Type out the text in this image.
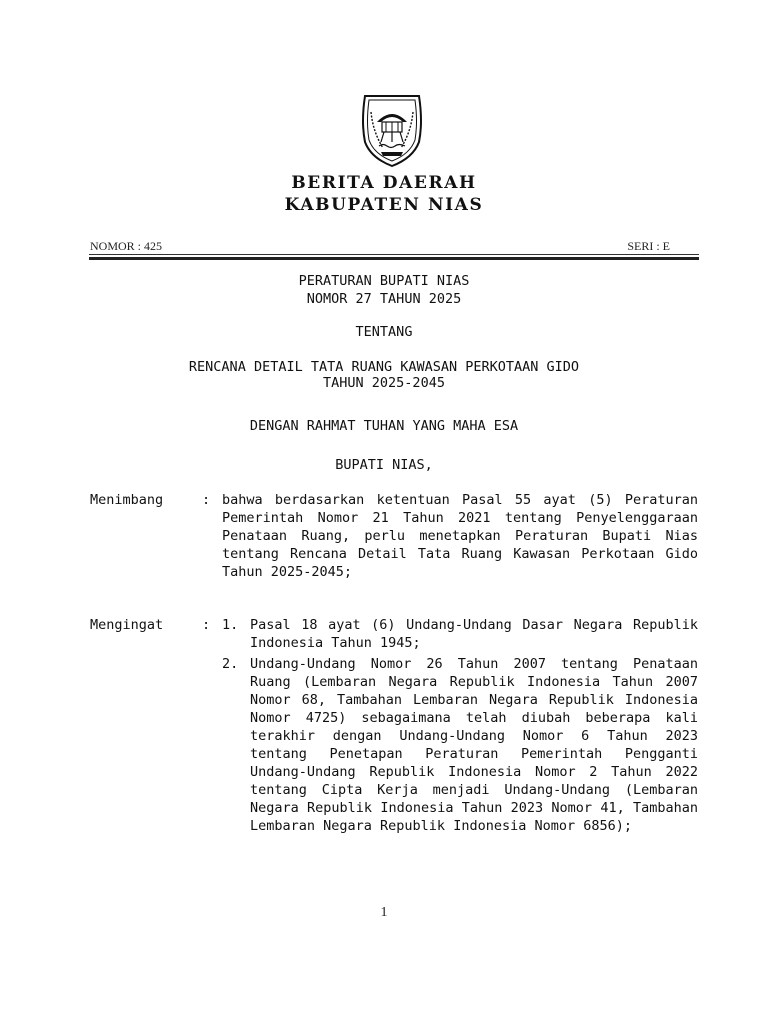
BERITA DAERAH
KABUPATEN NIAS
NOMOR : 425	SERI : E
PERATURAN BUPATI NIAS
NOMOR 27 TAHUN 2025
TENTANG
RENCANA DETAIL TATA RUANG KAWASAN PERKOTAAN GIDO
TAHUN 2025-2045
DENGAN RAHMAT TUHAN YANG MAHA ESA
BUPATI NIAS,
Menimbang	: bahwa berdasarkan ketentuan Pasal 55 ayat (5) Peraturan Pemerintah Nomor 21 Tahun 2021 tentang Penyelenggaraan Penataan Ruang, perlu menetapkan Peraturan Bupati Nias tentang Rencana Detail Tata Ruang Kawasan Perkotaan Gido Tahun 2025-2045;
Mengingat	: 1. Pasal 18 ayat (6) Undang-Undang Dasar Negara Republik Indonesia Tahun 1945;
2. Undang-Undang Nomor 26 Tahun 2007 tentang Penataan Ruang (Lembaran Negara Republik Indonesia Tahun 2007 Nomor 68, Tambahan Lembaran Negara Republik Indonesia Nomor 4725) sebagaimana telah diubah beberapa kali terakhir dengan Undang-Undang Nomor 6 Tahun 2023 tentang Penetapan Peraturan Pemerintah Pengganti Undang-Undang Republik Indonesia Nomor 2 Tahun 2022 tentang Cipta Kerja menjadi Undang-Undang (Lembaran Negara Republik Indonesia Tahun 2023 Nomor 41, Tambahan Lembaran Negara Republik Indonesia Nomor 6856);
1
